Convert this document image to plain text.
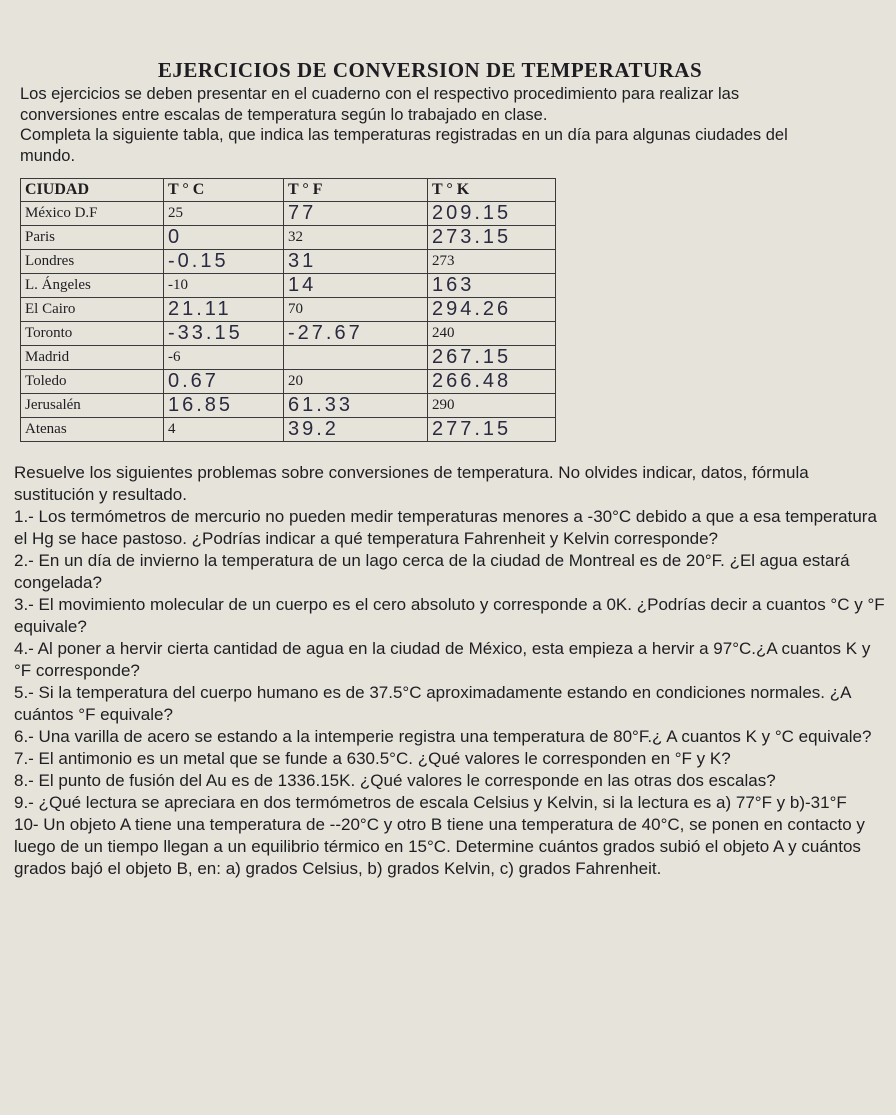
EJERCICIOS DE CONVERSION DE TEMPERATURAS

Los ejercicios se deben presentar en el cuaderno con el respectivo procedimiento para realizar las conversiones entre escalas de temperatura según lo trabajado en clase.

Completa la siguiente tabla, que indica las temperaturas registradas en un día para algunas ciudades del mundo.

CIUDAD	T ° C	T ° F	T ° K
México D.F	25	77	209.15
Paris	0	32	273.15
Londres	-0.15	31	273
L. Ángeles	-10	14	163
El Cairo	21.11	70	294.26
Toronto	-33.15	-27.67	240
Madrid	-6		267.15
Toledo	0.67	20	266.48
Jerusalén	16.85	61.33	290
Atenas	4	39.2	277.15

Resuelve los siguientes problemas sobre conversiones de temperatura. No olvides indicar, datos, fórmula sustitución y resultado.

1.- Los termómetros de mercurio no pueden medir temperaturas menores a -30°C debido a que a esa temperatura el Hg se hace pastoso. ¿Podrías indicar a qué temperatura Fahrenheit y Kelvin corresponde?

2.- En un día de invierno la temperatura de un lago cerca de la ciudad de Montreal es de 20°F. ¿El agua estará congelada?

3.- El movimiento molecular de un cuerpo es el cero absoluto y corresponde a 0K. ¿Podrías decir a cuantos °C y °F equivale?

4.- Al poner a hervir cierta cantidad de agua en la ciudad de México, esta empieza a hervir a 97°C.¿A cuantos K y °F corresponde?

5.- Si la temperatura del cuerpo humano es de 37.5°C aproximadamente estando en condiciones normales. ¿A cuántos °F equivale?

6.- Una varilla de acero se estando a la intemperie registra una temperatura de 80°F.¿ A cuantos K y °C equivale?

7.- El antimonio es un metal que se funde a 630.5°C. ¿Qué valores le corresponden en °F y K?

8.- El punto de fusión del Au es de 1336.15K. ¿Qué valores le corresponde en las otras dos escalas?

9.- ¿Qué lectura se apreciara en dos termómetros de escala Celsius y Kelvin, si la lectura es a) 77°F y b)-31°F

10- Un objeto A tiene una temperatura de --20°C y otro B tiene una temperatura de 40°C, se ponen en contacto y luego de un tiempo llegan a un equilibrio térmico en 15°C. Determine cuántos grados subió el objeto A y cuántos grados bajó el objeto B, en: a) grados Celsius, b) grados Kelvin, c) grados Fahrenheit.
